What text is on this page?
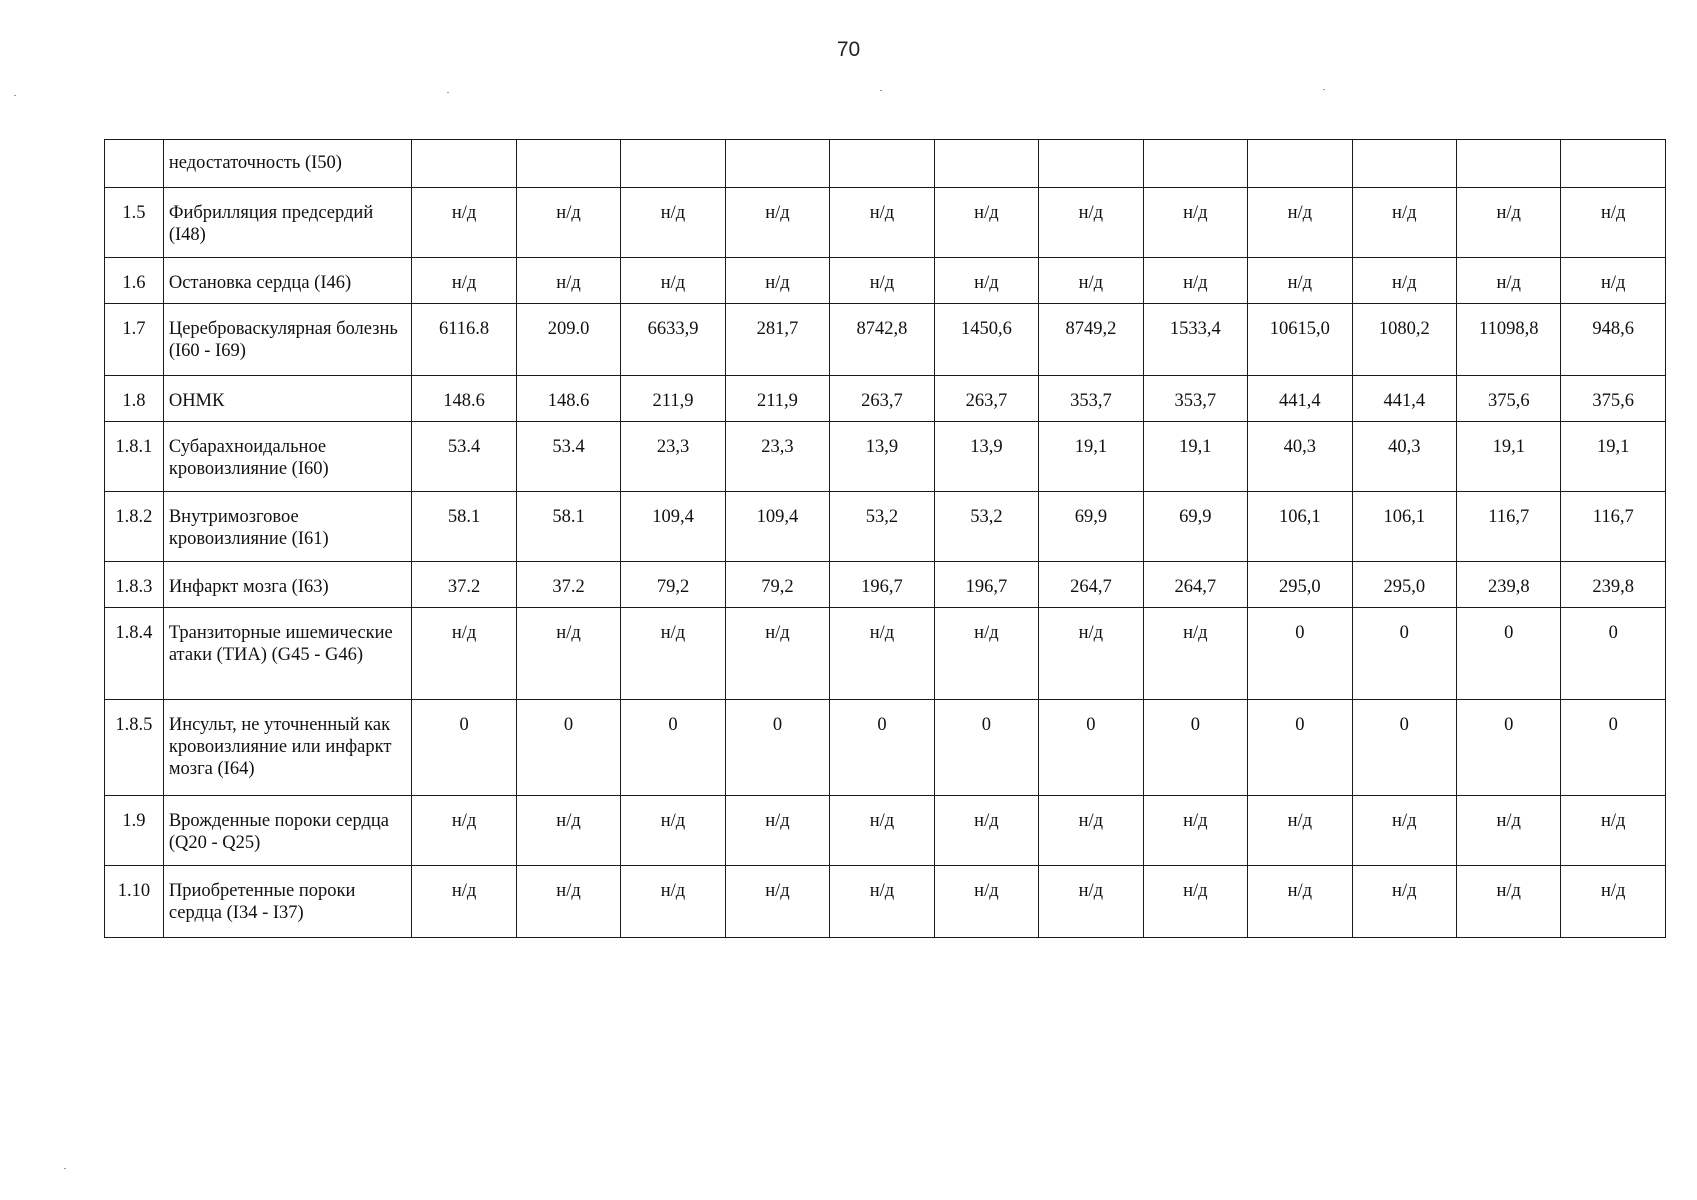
70
	недостаточность (I50)												
1.5	Фибрилляция предсердий (I48)	н/д	н/д	н/д	н/д	н/д	н/д	н/д	н/д	н/д	н/д	н/д	н/д
1.6	Остановка сердца (I46)	н/д	н/д	н/д	н/д	н/д	н/д	н/д	н/д	н/д	н/д	н/д	н/д
1.7	Цереброваскулярная болезнь (I60 - I69)	6116.8	209.0	6633,9	281,7	8742,8	1450,6	8749,2	1533,4	10615,0	1080,2	11098,8	948,6
1.8	ОНМК	148.6	148.6	211,9	211,9	263,7	263,7	353,7	353,7	441,4	441,4	375,6	375,6
1.8.1	Субарахноидальное кровоизлияние (I60)	53.4	53.4	23,3	23,3	13,9	13,9	19,1	19,1	40,3	40,3	19,1	19,1
1.8.2	Внутримозговое кровоизлияние (I61)	58.1	58.1	109,4	109,4	53,2	53,2	69,9	69,9	106,1	106,1	116,7	116,7
1.8.3	Инфаркт мозга (I63)	37.2	37.2	79,2	79,2	196,7	196,7	264,7	264,7	295,0	295,0	239,8	239,8
1.8.4	Транзиторные ишемические атаки (ТИА) (G45 - G46)	н/д	н/д	н/д	н/д	н/д	н/д	н/д	н/д	0	0	0	0
1.8.5	Инсульт, не уточненный как кровоизлияние или инфаркт мозга (I64)	0	0	0	0	0	0	0	0	0	0	0	0
1.9	Врожденные пороки сердца (Q20 - Q25)	н/д	н/д	н/д	н/д	н/д	н/д	н/д	н/д	н/д	н/д	н/д	н/д
1.10	Приобретенные пороки сердца (I34 - I37)	н/д	н/д	н/д	н/д	н/д	н/д	н/д	н/д	н/д	н/д	н/д	н/д
